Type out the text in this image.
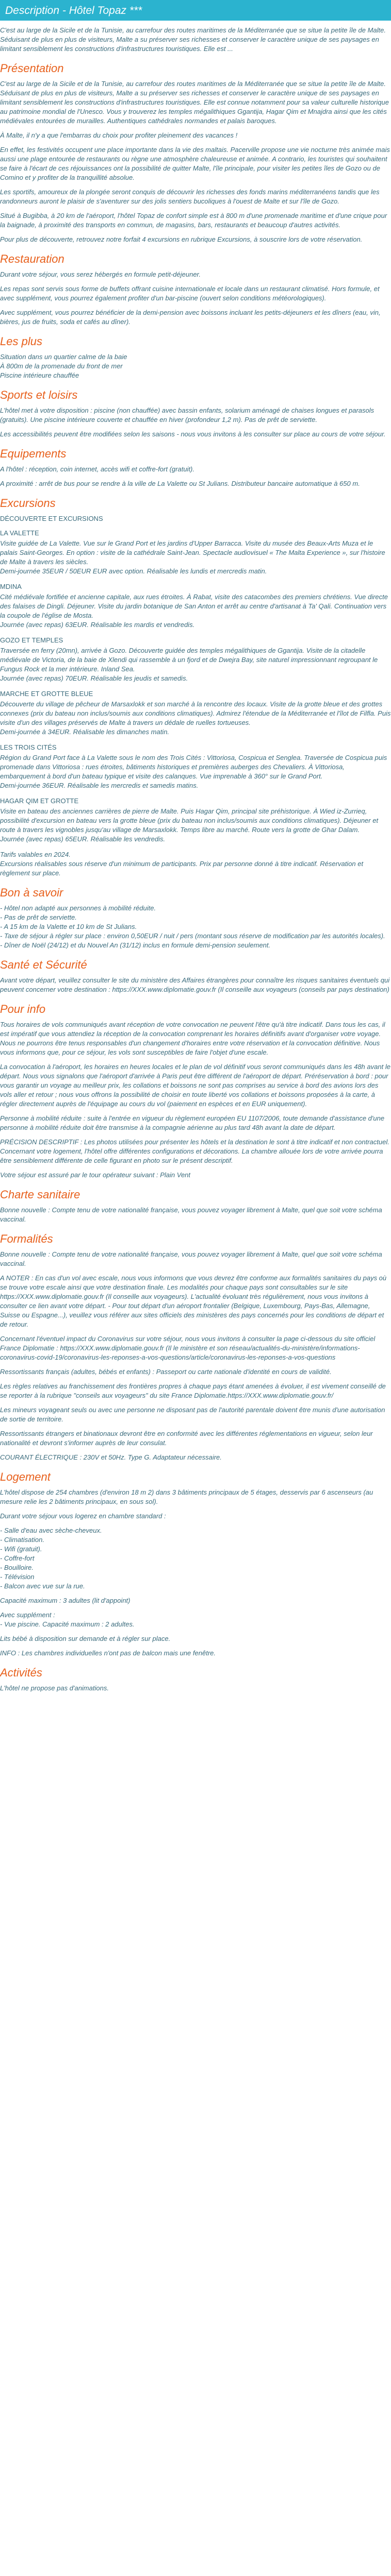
Description - Hôtel Topaz ***

C'est au large de la Sicile et de la Tunisie, au carrefour des routes maritimes de la Méditerranée que se situe la petite île de Malte. Séduisant de plus en plus de visiteurs, Malte a su préserver ses richesses et conserver le caractère unique de ses paysages en limitant sensiblement les constructions d'infrastructures touristiques. Elle est ...

Présentation

C'est au large de la Sicile et de la Tunisie, au carrefour des routes maritimes de la Méditerranée que se situe la petite île de Malte. Séduisant de plus en plus de visiteurs, Malte a su préserver ses richesses et conserver le caractère unique de ses paysages en limitant sensiblement les constructions d'infrastructures touristiques. Elle est connue notamment pour sa valeur culturelle historique au patrimoine mondial de l'Unesco. Vous y trouverez les temples mégalithiques Ggantija, Hagar Qim et Mnajdra ainsi que les cités médiévales entourées de murailles. Authentiques cathédrales normandes et palais baroques.

À Malte, il n'y a que l'embarras du choix pour profiter pleinement des vacances !

En effet, les festivités occupent une place importante dans la vie des maltais. Pacerville propose une vie nocturne très animée mais aussi une plage entourée de restaurants ou règne une atmosphère chaleureuse et animée. A contrario, les touristes qui souhaitent se faire à l'écart de ces réjouissances ont la possibilité de quitter Malte, l'île principale, pour visiter les petites îles de Gozo ou de Comino et y profiter de la tranquillité absolue.

Les sportifs, amoureux de la plongée seront conquis de découvrir les richesses des fonds marins méditerranéens tandis que les randonneurs auront le plaisir de s'aventurer sur des jolis sentiers bucoliques à l'ouest de Malte et sur l'île de Gozo.

Situé à Bugibba, à 20 km de l'aéroport, l'hôtel Topaz de confort simple est à 800 m d'une promenade maritime et d'une crique pour la baignade, à proximité des transports en commun, de magasins, bars, restaurants et beaucoup d'autres activités.

Pour plus de découverte, retrouvez notre forfait 4 excursions en rubrique Excursions, à souscrire lors de votre réservation.

Restauration

Durant votre séjour, vous serez hébergés en formule petit-déjeuner.

Les repas sont servis sous forme de buffets offrant cuisine internationale et locale dans un restaurant climatisé. Hors formule, et avec supplément, vous pourrez également profiter d'un bar-piscine (ouvert selon conditions météorologiques).

Avec supplément, vous pourrez bénéficier de la demi-pension avec boissons incluant les petits-déjeuners et les dîners (eau, vin, bières, jus de fruits, soda et cafés au dîner).

Les plus

Situation dans un quartier calme de la baie
À 800m de la promenade du front de mer
Piscine intérieure chauffée

Sports et loisirs

L'hôtel met à votre disposition : piscine (non chauffée) avec bassin enfants, solarium aménagé de chaises longues et parasols (gratuits). Une piscine intérieure couverte et chauffée en hiver (profondeur 1,2 m). Pas de prêt de serviette.

Les accessibilités peuvent être modifiées selon les saisons - nous vous invitons à les consulter sur place au cours de votre séjour.

Equipements

A l'hôtel : réception, coin internet, accès wifi et coffre-fort (gratuit).

A proximité : arrêt de bus pour se rendre à la ville de La Valette ou St Julians. Distributeur bancaire automatique à 650 m.

Excursions

DÉCOUVERTE ET EXCURSIONS

LA VALETTE

Visite guidée de La Valette. Vue sur le Grand Port et les jardins d'Upper Barracca. Visite du musée des Beaux-Arts Muza et le palais Saint-Georges. En option : visite de la cathédrale Saint-Jean. Spectacle audiovisuel « The Malta Experience », sur l'histoire de Malte à travers les siècles.

Demi-journée 35EUR / 50EUR EUR avec option. Réalisable les lundis et mercredis matin.

MDINA

Cité médiévale fortifiée et ancienne capitale, aux rues étroites. À Rabat, visite des catacombes des premiers chrétiens. Vue directe des falaises de Dingli. Déjeuner. Visite du jardin botanique de San Anton et arrêt au centre d'artisanat à Ta' Qali. Continuation vers la coupole de l'église de Mosta.

Journée (avec repas) 63EUR. Réalisable les mardis et vendredis.

GOZO ET TEMPLES

Traversée en ferry (20mn), arrivée à Gozo. Découverte guidée des temples mégalithiques de Ggantija. Visite de la citadelle médiévale de Victoria, de la baie de Xlendi qui rassemble à un fjord et de Dwejra Bay, site naturel impressionnant regroupant le Fungus Rock et la mer intérieure. Inland Sea.

Journée (avec repas) 70EUR. Réalisable les jeudis et samedis.

MARCHE ET GROTTE BLEUE

Découverte du village de pêcheur de Marsaxlokk et son marché à la rencontre des locaux. Visite de la grotte bleue et des grottes connexes (prix du bateau non inclus/soumis aux conditions climatiques). Admirez l'étendue de la Méditerranée et l'îlot de Filfla. Puis visite d'un des villages préservés de Malte à travers un dédale de ruelles tortueuses.

Demi-journée à 34EUR. Réalisable les dimanches matin.

LES TROIS CITÉS

Région du Grand Port face à La Valette sous le nom des Trois Cités : Vittoriosa, Cospicua et Senglea. Traversée de Cospicua puis promenade dans Vittoriosa : rues étroites, bâtiments historiques et premières auberges des Chevaliers. À Vittoriosa, embarquement à bord d'un bateau typique et visite des calanques. Vue imprenable à 360° sur le Grand Port.

Demi-journée 36EUR. Réalisable les mercredis et samedis matins.

HAGAR QIM ET GROTTE

Visite en bateau des anciennes carrières de pierre de Malte. Puis Hagar Qim, principal site préhistorique. À Wied iz-Zurrieq, possibilité d'excursion en bateau vers la grotte bleue (prix du bateau non inclus/soumis aux conditions climatiques). Déjeuner et route à travers les vignobles jusqu'au village de Marsaxlokk. Temps libre au marché. Route vers la grotte de Ghar Dalam.

Journée (avec repas) 65EUR. Réalisable les vendredis.

Tarifs valables en 2024.

Excursions réalisables sous réserve d'un minimum de participants. Prix par personne donné à titre indicatif. Réservation et règlement sur place.

Bon à savoir

- Hôtel non adapté aux personnes à mobilité réduite.
- Pas de prêt de serviette.
- A 15 km de la Valette et 10 km de St Julians.
- Taxe de séjour à régler sur place : environ 0,50EUR / nuit / pers (montant sous réserve de modification par les autorités locales).
- Dîner de Noël (24/12) et du Nouvel An (31/12) inclus en formule demi-pension seulement.

Santé et Sécurité

Avant votre départ, veuillez consulter le site du ministère des Affaires étrangères pour connaître les risques sanitaires éventuels qui peuvent concerner votre destination : https://XXX.www.diplomatie.gouv.fr (Il conseille aux voyageurs (conseils par pays destination)

Pour info

Tous horaires de vols communiqués avant réception de votre convocation ne peuvent l'être qu'à titre indicatif. Dans tous les cas, il est impératif que vous attendiez la réception de la convocation comprenant les horaires définitifs avant d'organiser votre voyage. Nous ne pourrons être tenus responsables d'un changement d'horaires entre votre réservation et la convocation définitive. Nous vous informons que, pour ce séjour, les vols sont susceptibles de faire l'objet d'une escale.

La convocation à l'aéroport, les horaires en heures locales et le plan de vol définitif vous seront communiqués dans les 48h avant le départ. Nous vous signalons que l'aéroport d'arrivée à Paris peut être différent de l'aéroport de départ. Préréservation à bord : pour vous garantir un voyage au meilleur prix, les collations et boissons ne sont pas comprises au service à bord des avions lors des vols aller et retour ; nous vous offrons la possibilité de choisir en toute liberté vos collations et boissons proposées à la carte, à régler directement auprès de l'équipage au cours du vol (paiement en espèces et en EUR uniquement).

Personne à mobilité réduite : suite à l'entrée en vigueur du règlement européen EU 1107/2006, toute demande d'assistance d'une personne à mobilité réduite doit être transmise à la compagnie aérienne au plus tard 48h avant la date de départ.

PRÉCISION DESCRIPTIF : Les photos utilisées pour présenter les hôtels et la destination le sont à titre indicatif et non contractuel. Concernant votre logement, l'hôtel offre différentes configurations et décorations. La chambre allouée lors de votre arrivée pourra être sensiblement différente de celle figurant en photo sur le présent descriptif.

Votre séjour est assuré par le tour opérateur suivant : Plain Vent

Charte sanitaire

Bonne nouvelle : Compte tenu de votre nationalité française, vous pouvez voyager librement à Malte, quel que soit votre schéma vaccinal.

Formalités

Bonne nouvelle : Compte tenu de votre nationalité française, vous pouvez voyager librement à Malte, quel que soit votre schéma vaccinal.

A NOTER : En cas d'un vol avec escale, nous vous informons que vous devrez être conforme aux formalités sanitaires du pays où se trouve votre escale ainsi que votre destination finale. Les modalités pour chaque pays sont consultables sur le site https://XXX.www.diplomatie.gouv.fr (Il conseille aux voyageurs). L'actualité évoluant très régulièrement, nous vous invitons à consulter ce lien avant votre départ. - Pour tout départ d'un aéroport frontalier (Belgique, Luxembourg, Pays-Bas, Allemagne, Suisse ou Espagne...), veuillez vous référer aux sites officiels des ministères des pays concernés pour les conditions de départ et de retour.

Concernant l'éventuel impact du Coronavirus sur votre séjour, nous vous invitons à consulter la page ci-dessous du site officiel France Diplomatie : https://XXX.www.diplomatie.gouv.fr (Il le ministère et son réseau/actualités-du-ministère/informations-coronavirus-covid-19/coronavirus-les-reponses-a-vos-questions/article/coronavirus-les-reponses-a-vos-questions

Ressortissants français (adultes, bébés et enfants) : Passeport ou carte nationale d'identité en cours de validité.

Les règles relatives au franchissement des frontières propres à chaque pays étant amenées à évoluer, il est vivement conseillé de se reporter à la rubrique "conseils aux voyageurs" du site France Diplomatie.https://XXX.www.diplomatie.gouv.fr/

Les mineurs voyageant seuls ou avec une personne ne disposant pas de l'autorité parentale doivent être munis d'une autorisation de sortie de territoire.

Ressortissants étrangers et binationaux devront être en conformité avec les différentes réglementations en vigueur, selon leur nationalité et devront s'informer auprès de leur consulat.

COURANT ÉLECTRIQUE : 230V et 50Hz. Type G. Adaptateur nécessaire.

Logement

L'hôtel dispose de 254 chambres (d'environ 18 m 2) dans 3 bâtiments principaux de 5 étages, desservis par 6 ascenseurs (au mesure relie les 2 bâtiments principaux, en sous sol).

Durant votre séjour vous logerez en chambre standard :

- Salle d'eau avec sèche-cheveux.
- Climatisation.
- Wifi (gratuit).
- Coffre-fort
- Bouilloire.
- Télévision
- Balcon avec vue sur la rue.

Capacité maximum : 3 adultes (lit d'appoint)

Avec supplément :
- Vue piscine. Capacité maximum : 2 adultes.

Lits bébé à disposition sur demande et à régler sur place.

INFO : Les chambres individuelles n'ont pas de balcon mais une fenêtre.

Activités

L'hôtel ne propose pas d'animations.
